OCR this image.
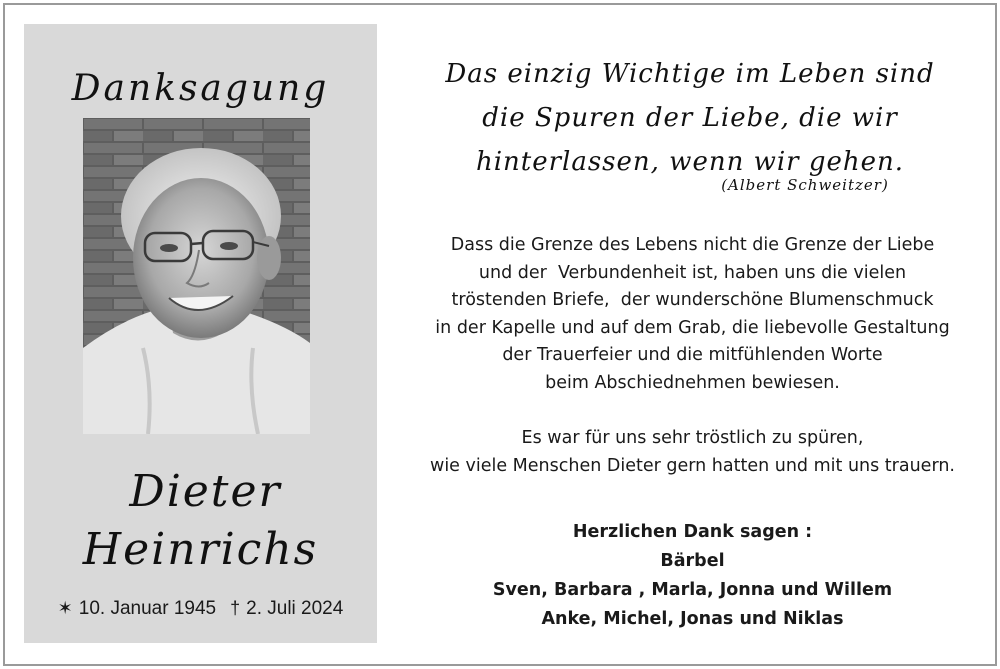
Danksagung
Dieter
Heinrichs
✶ 10. Januar 1945 † 2. Juli 2024
Das einzig Wichtige im Leben sind
die Spuren der Liebe, die wir
hinterlassen, wenn wir gehen.
(Albert Schweitzer)
Dass die Grenze des Lebens nicht die Grenze der Liebe
und der  Verbundenheit ist, haben uns die vielen
tröstenden Briefe,  der wunderschöne Blumenschmuck
in der Kapelle und auf dem Grab, die liebevolle Gestaltung
der Trauerfeier und die mitfühlenden Worte
beim Abschiednehmen bewiesen.
Es war für uns sehr tröstlich zu spüren,
wie viele Menschen Dieter gern hatten und mit uns trauern.
Herzlichen Dank sagen :
Bärbel
Sven, Barbara , Marla, Jonna und Willem
Anke, Michel, Jonas und Niklas
